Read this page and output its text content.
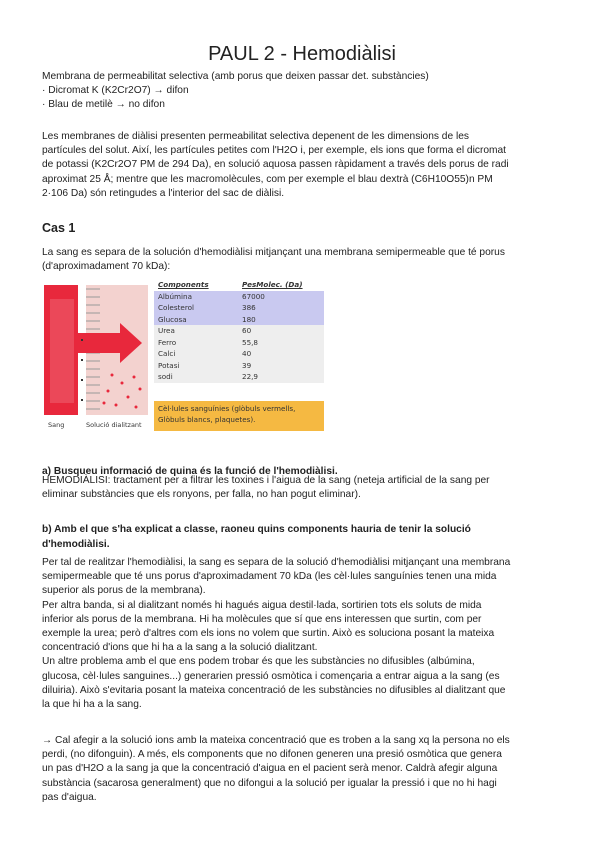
PAUL 2 - Hemodiàlisi

Membrana de permeabilitat selectiva (amb porus que deixen passar det. substàncies)

· Dicromat K (K2Cr2O7) → difon

· Blau de metilè → no difon

Les membranes de diàlisi presenten permeabilitat selectiva depenent de les dimensions de les

partícules del solut. Així, les partícules petites com l'H2O i, per exemple, els ions que forma el dicromat

de potassi (K2Cr2O7 PM de 294 Da), en solució aquosa passen ràpidament a través dels porus de radi

aproximat 25 Å; mentre que les macromolècules, com per exemple el blau dextrà (C6H10O55)n PM

2·106 Da) són retingudes a l'interior del sac de diàlisi.

Cas 1

La sang es separa de la solución d'hemodiàlisi mitjançant una membrana semipermeable que té porus

(d'aproximadament 70 kDa):

Components	PesMolec. (Da)
Albúmina	67000
Colesterol	386
Glucosa	180
Urea	60
Ferro	55,8
Calci	40
Potasi	39
sodi	22,9
Cèl·lules sanguínies (glòbuls vermells,
Glòbuls blancs, plaquetes).
Sang	Solució dialitzant

a) Busqueu informació de quina és la funció de l'hemodiàlisi.

HEMODIÀLISI: tractament per a filtrar les toxines i l'aigua de la sang (neteja artificial de la sang per

eliminar substàncies que els ronyons, per falla, no han pogut eliminar).

b) Amb el que s'ha explicat a classe, raoneu quins components hauria de tenir la solució
d'hemodiàlisi.

Per tal de realitzar l'hemodiàlisi, la sang es separa de la solució d'hemodiàlisi mitjançant una membrana

semipermeable que té uns porus d'aproximadament 70 kDa (les cèl·lules sanguínies tenen una mida

superior als porus de la membrana).

Per altra banda, si al dialitzant només hi hagués aigua destil·lada, sortirien tots els soluts de mida

inferior als porus de la membrana. Hi ha molècules que sí que ens interessen que surtin, com per

exemple la urea; però d'altres com els ions no volem que surtin. Això es soluciona posant la mateixa

concentració d'ions que hi ha a la sang a la solució dialitzant.

Un altre problema amb el que ens podem trobar és que les substàncies no difusibles (albúmina,

glucosa, cèl·lules sanguines...) generarien pressió osmòtica i començaria a entrar aigua a la sang (es

diluiria). Això s'evitaria posant la mateixa concentració de les substàncies no difusibles al dialitzant que

la que hi ha a la sang.

→ Cal afegir a la solució ions amb la mateixa concentració que es troben a la sang xq la persona no els

perdi, (no difonguin). A més, els components que no difonen generen una presió osmòtica que genera

un pas d'H2O a la sang ja que la concentració d'aigua en el pacient serà menor. Caldrà afegir alguna

substància (sacarosa generalment) que no difongui a la solució per igualar la pressió i que no hi hagi

pas d'aigua.
